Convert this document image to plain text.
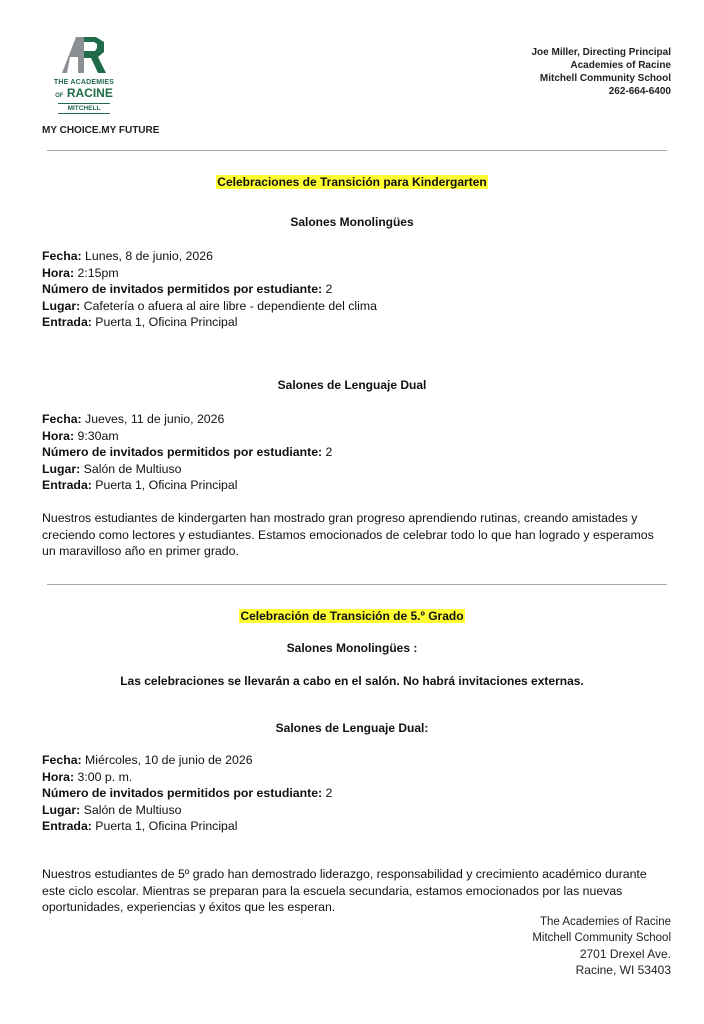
THE ACADEMIES
OF RACINE
MITCHELL
MY CHOICE.MY FUTURE
Joe Miller, Directing Principal
Academies of Racine
Mitchell Community School
262-664-6400
Celebraciones de Transición para Kindergarten
Salones Monolingües
Fecha: Lunes, 8 de junio, 2026
Hora: 2:15pm
Número de invitados permitidos por estudiante: 2
Lugar: Cafetería o afuera al aire libre - dependiente del clima
Entrada: Puerta 1, Oficina Principal
Salones de Lenguaje Dual
Fecha: Jueves, 11 de junio, 2026
Hora: 9:30am
Número de invitados permitidos por estudiante: 2
Lugar: Salón de Multiuso
Entrada: Puerta 1, Oficina Principal
Nuestros estudiantes de kindergarten han mostrado gran progreso aprendiendo rutinas, creando amistades y creciendo como lectores y estudiantes. Estamos emocionados de celebrar todo lo que han logrado y esperamos un maravilloso año en primer grado.
Celebración de Transición de 5.º Grado
Salones Monolingües :
Las celebraciones se llevarán a cabo en el salón. No habrá invitaciones externas.
Salones de Lenguaje Dual:
Fecha: Miércoles, 10 de junio de 2026
Hora: 3:00 p. m.
Número de invitados permitidos por estudiante: 2
Lugar: Salón de Multiuso
Entrada: Puerta 1, Oficina Principal
Nuestros estudiantes de 5º grado han demostrado liderazgo, responsabilidad y crecimiento académico durante este ciclo escolar. Mientras se preparan para la escuela secundaria, estamos emocionados por las nuevas oportunidades, experiencias y éxitos que les esperan.
The Academies of Racine
Mitchell Community School
2701 Drexel Ave.
Racine, WI 53403
